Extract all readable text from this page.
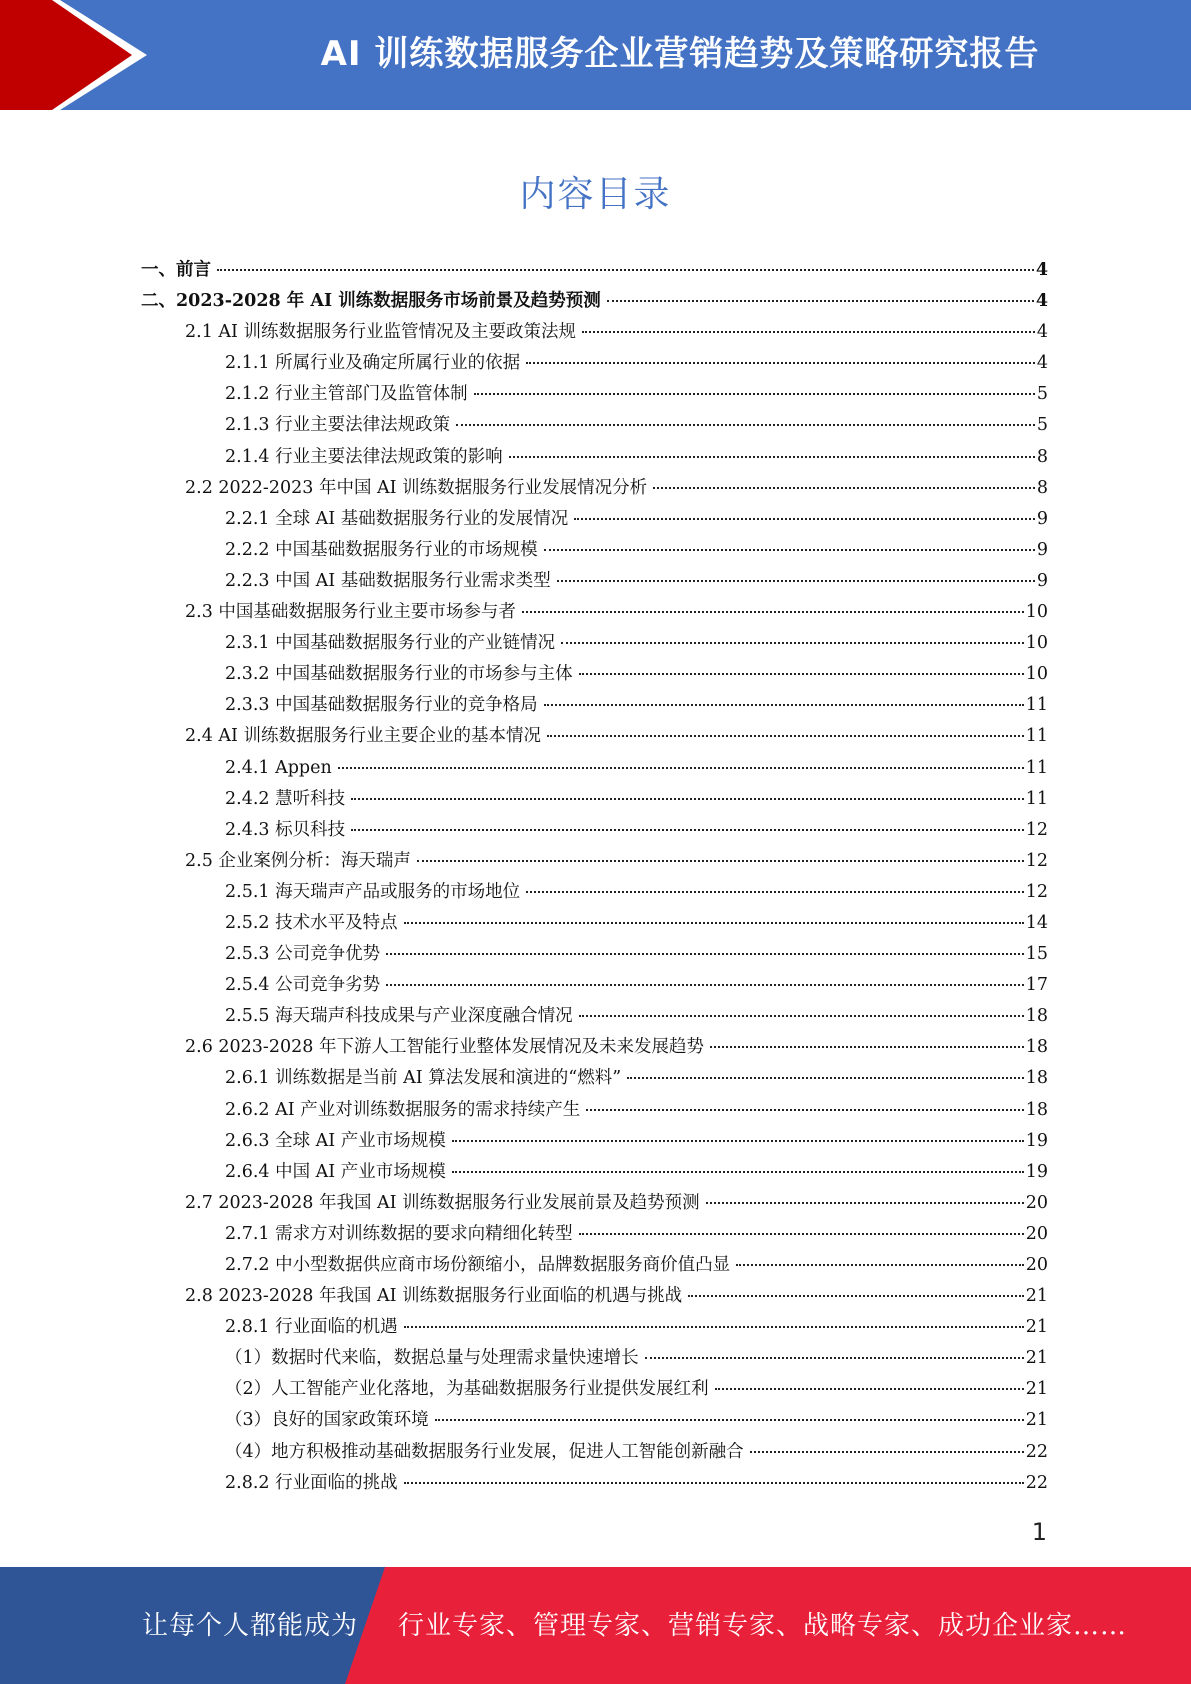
AI 训练数据服务企业营销趋势及策略研究报告
内容目录
一、前言	4
二、2023-2028 年 AI 训练数据服务市场前景及趋势预测	4
2.1 AI 训练数据服务行业监管情况及主要政策法规	4
2.1.1 所属行业及确定所属行业的依据	4
2.1.2 行业主管部门及监管体制	5
2.1.3 行业主要法律法规政策	5
2.1.4 行业主要法律法规政策的影响	8
2.2 2022-2023 年中国 AI 训练数据服务行业发展情况分析	8
2.2.1 全球 AI 基础数据服务行业的发展情况	9
2.2.2 中国基础数据服务行业的市场规模	9
2.2.3 中国 AI 基础数据服务行业需求类型	9
2.3 中国基础数据服务行业主要市场参与者	10
2.3.1 中国基础数据服务行业的产业链情况	10
2.3.2 中国基础数据服务行业的市场参与主体	10
2.3.3 中国基础数据服务行业的竞争格局	11
2.4 AI 训练数据服务行业主要企业的基本情况	11
2.4.1 Appen	11
2.4.2 慧听科技	11
2.4.3 标贝科技	12
2.5 企业案例分析：海天瑞声	12
2.5.1 海天瑞声产品或服务的市场地位	12
2.5.2 技术水平及特点	14
2.5.3 公司竞争优势	15
2.5.4 公司竞争劣势	17
2.5.5 海天瑞声科技成果与产业深度融合情况	18
2.6 2023-2028 年下游人工智能行业整体发展情况及未来发展趋势	18
2.6.1 训练数据是当前 AI 算法发展和演进的“燃料”	18
2.6.2 AI 产业对训练数据服务的需求持续产生	18
2.6.3 全球 AI 产业市场规模	19
2.6.4 中国 AI 产业市场规模	19
2.7 2023-2028 年我国 AI 训练数据服务行业发展前景及趋势预测	20
2.7.1 需求方对训练数据的要求向精细化转型	20
2.7.2 中小型数据供应商市场份额缩小，品牌数据服务商价值凸显	20
2.8 2023-2028 年我国 AI 训练数据服务行业面临的机遇与挑战	21
2.8.1 行业面临的机遇	21
（1）数据时代来临，数据总量与处理需求量快速增长	21
（2）人工智能产业化落地，为基础数据服务行业提供发展红利	21
（3）良好的国家政策环境	21
（4）地方积极推动基础数据服务行业发展，促进人工智能创新融合	22
2.8.2 行业面临的挑战	22
1
让每个人都能成为 行业专家、管理专家、营销专家、战略专家、成功企业家……
